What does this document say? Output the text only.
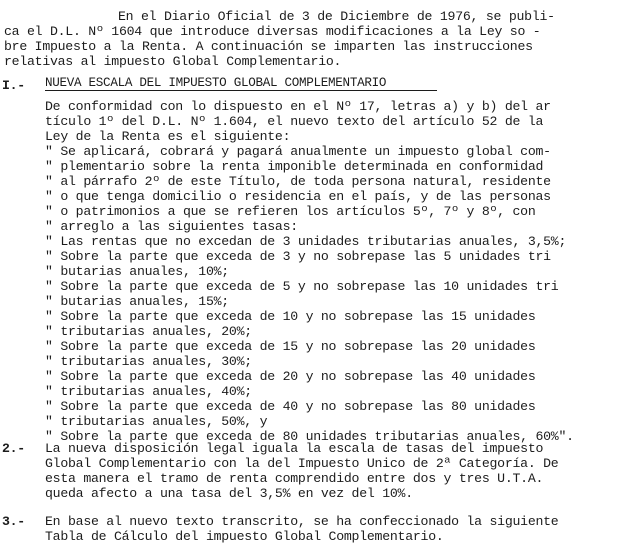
En el Diario Oficial de 3 de Diciembre de 1976, se publi-
ca el D.L. Nº 1604 que introduce diversas modificaciones a la Ley so -
bre Impuesto a la Renta. A continuación se imparten las instrucciones
relativas al impuesto Global Complementario.
I.- NUEVA ESCALA DEL IMPUESTO GLOBAL COMPLEMENTARIO
De conformidad con lo dispuesto en el Nº 17, letras a) y b) del ar
tículo 1º del D.L. Nº 1.604, el nuevo texto del artículo 52 de la
Ley de la Renta es el siguiente:
" Se aplicará, cobrará y pagará anualmente un impuesto global com-
" plementario sobre la renta imponible determinada en conformidad
" al párrafo 2º de este Título, de toda persona natural, residente
" o que tenga domicilio o residencia en el país, y de las personas
" o patrimonios a que se refieren los artículos 5º, 7º y 8º, con
" arreglo a las siguientes tasas:
" Las rentas que no excedan de 3 unidades tributarias anuales, 3,5%;
" Sobre la parte que exceda de 3 y no sobrepase las 5 unidades tri
" butarias anuales, 10%;
" Sobre la parte que exceda de 5 y no sobrepase las 10 unidades tri
" butarias anuales, 15%;
" Sobre la parte que exceda de 10 y no sobrepase las 15 unidades
" tributarias anuales, 20%;
" Sobre la parte que exceda de 15 y no sobrepase las 20 unidades
" tributarias anuales, 30%;
" Sobre la parte que exceda de 20 y no sobrepase las 40 unidades
" tributarias anuales, 40%;
" Sobre la parte que exceda de 40 y no sobrepase las 80 unidades
" tributarias anuales, 50%, y
" Sobre la parte que exceda de 80 unidades tributarias anuales, 60%".
2.- La nueva disposición legal iguala la escala de tasas del impuesto
Global Complementario con la del Impuesto Unico de 2ª Categoría. De
esta manera el tramo de renta comprendido entre dos y tres U.T.A.
queda afecto a una tasa del 3,5% en vez del 10%.
3.- En base al nuevo texto transcrito, se ha confeccionado la siguiente
Tabla de Cálculo del impuesto Global Complementario.
